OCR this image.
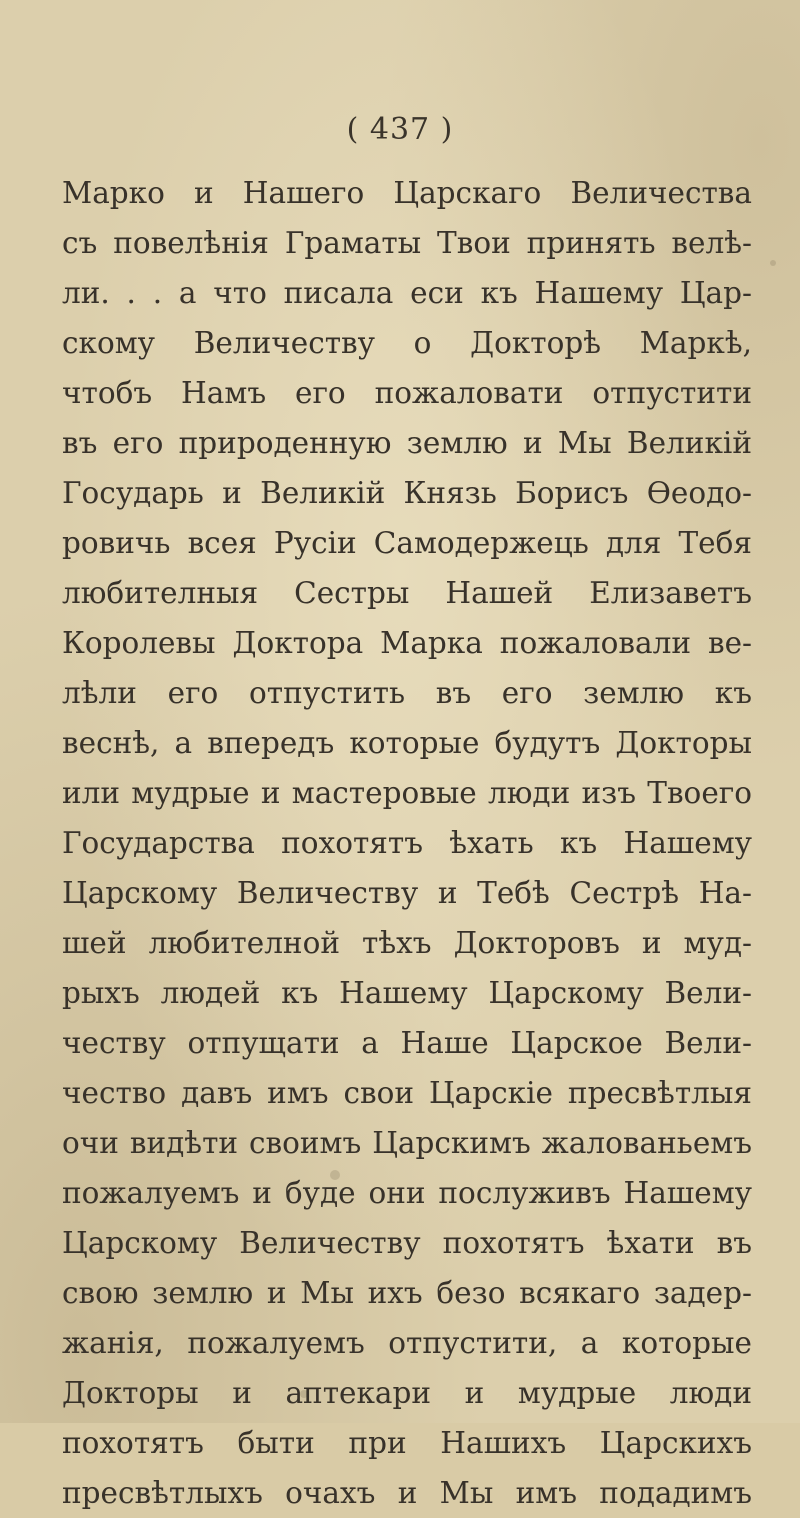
( 437 )
Марко и Нашего Царскаго Величества
съ повелѣнія Граматы Твои принять велѣ-
ли. . . а что писала еси къ Нашему Цар-
скому Величеству о Докторѣ Маркѣ,
чтобъ Намъ его пожаловати отпустити
въ его природенную землю и Мы Великій
Государь и Великій Князь Борисъ Ѳеодо-
ровичь всея Русіи Самодержець для Тебя
любителныя Сестры Нашей Елизаветъ
Королевы Доктора Марка пожаловали ве-
лѣли его отпустить въ его землю къ
веснѣ, а впередъ которые будутъ Докторы
или мудрые и мастеровые люди изъ Твоего
Государства похотятъ ѣхать къ Нашему
Царскому Величеству и Тебѣ Сестрѣ На-
шей любителной тѣхъ Докторовъ и муд-
рыхъ людей къ Нашему Царскому Вели-
честву отпущати а Наше Царское Вели-
чество давъ имъ свои Царскіе пресвѣтлыя
очи видѣти своимъ Царскимъ жалованьемъ
пожалуемъ и буде они послуживъ Нашему
Царскому Величеству похотятъ ѣхати въ
свою землю и Мы ихъ безо всякаго задер-
жанія, пожалуемъ отпустити, а которые
Докторы и аптекари и мудрые люди
похотятъ быти при Нашихъ Царскихъ
пресвѣтлыхъ очахъ и Мы имъ подадимъ
